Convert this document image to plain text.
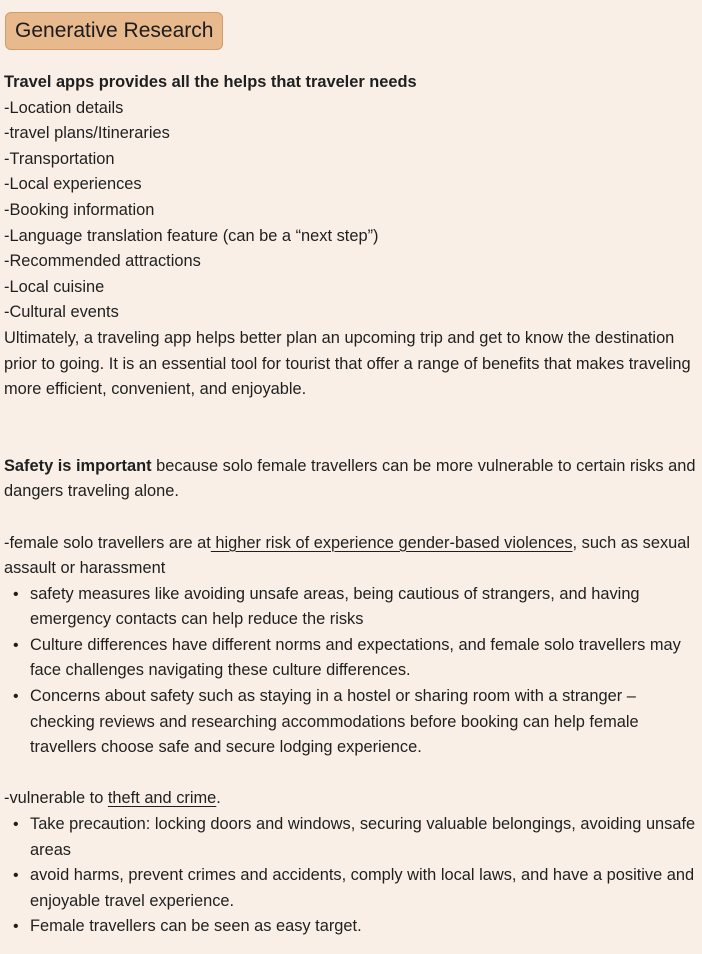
Generative Research
Travel apps provides all the helps that traveler needs
-Location details
-travel plans/Itineraries
-Transportation
-Local experiences
-Booking information
-Language translation feature (can be a “next step”)
-Recommended attractions
-Local cuisine
-Cultural events
Ultimately, a traveling app helps better plan an upcoming trip and get to know the destination prior to going. It is an essential tool for tourist that offer a range of benefits that makes traveling more efficient, convenient, and enjoyable.
Safety is important because solo female travellers can be more vulnerable to certain risks and dangers traveling alone.
-female solo travellers are at higher risk of experience gender-based violences, such as sexual assault or harassment
• safety measures like avoiding unsafe areas, being cautious of strangers, and having emergency contacts can help reduce the risks
• Culture differences have different norms and expectations, and female solo travellers may face challenges navigating these culture differences.
• Concerns about safety such as staying in a hostel or sharing room with a stranger – checking reviews and researching accommodations before booking can help female travellers choose safe and secure lodging experience.
-vulnerable to theft and crime.
• Take precaution: locking doors and windows, securing valuable belongings, avoiding unsafe areas
• avoid harms, prevent crimes and accidents, comply with local laws, and have a positive and enjoyable travel experience.
• Female travellers can be seen as easy target.
